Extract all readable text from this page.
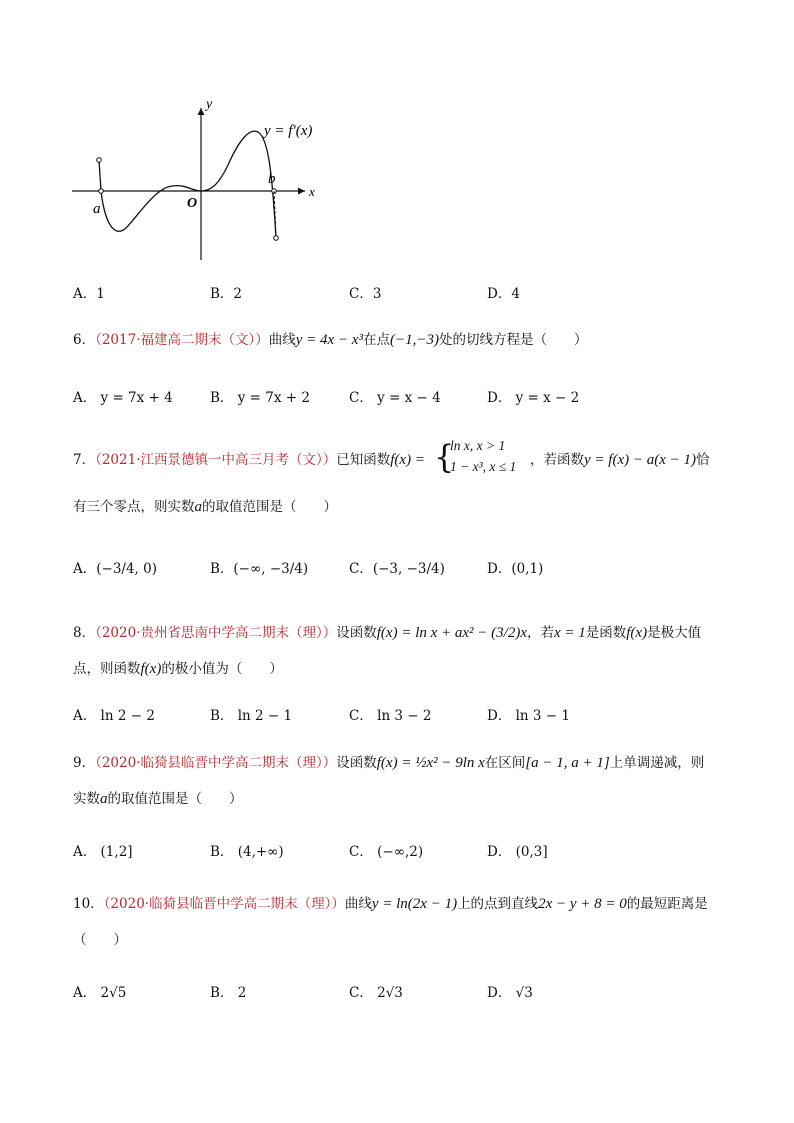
y
x
O
a
b
y = f′(x)
A．1	B．2	C．3	D．4
6．（2017·福建高二期末（文））曲线y = 4x − x³在点(−1,−3)处的切线方程是（　　）
A． y = 7x + 4	B． y = 7x + 2	C． y = x − 4	D． y = x − 2
7．（2021·江西景德镇一中高三月考（文））已知函数f(x) = {
ln x, x > 1
1 − x³, x ≤ 1 ，若函数y = f(x) − a(x − 1)恰
有三个零点，则实数a的取值范围是（　　）
A．(−3/4, 0)	B．(−∞, −3/4)	C．(−3, −3/4)	D．(0,1)
8．（2020·贵州省思南中学高二期末（理））设函数f(x) = ln x + ax² − (3/2)x，若x = 1是函数f(x)是极大值
点，则函数f(x)的极小值为（　　）
A． ln 2 − 2	B． ln 2 − 1	C． ln 3 − 2	D． ln 3 − 1
9．（2020·临猗县临晋中学高二期末（理））设函数f(x) = ½x² − 9ln x在区间[a − 1, a + 1]上单调递减，则
实数a的取值范围是（　　）
A． (1,2]	B． (4,+∞)	C． (−∞,2)	D． (0,3]
10．（2020·临猗县临晋中学高二期末（理））曲线y = ln(2x − 1)上的点到直线2x − y + 8 = 0的最短距离是
（　　）
A． 2√5	B． 2	C． 2√3	D． √3
